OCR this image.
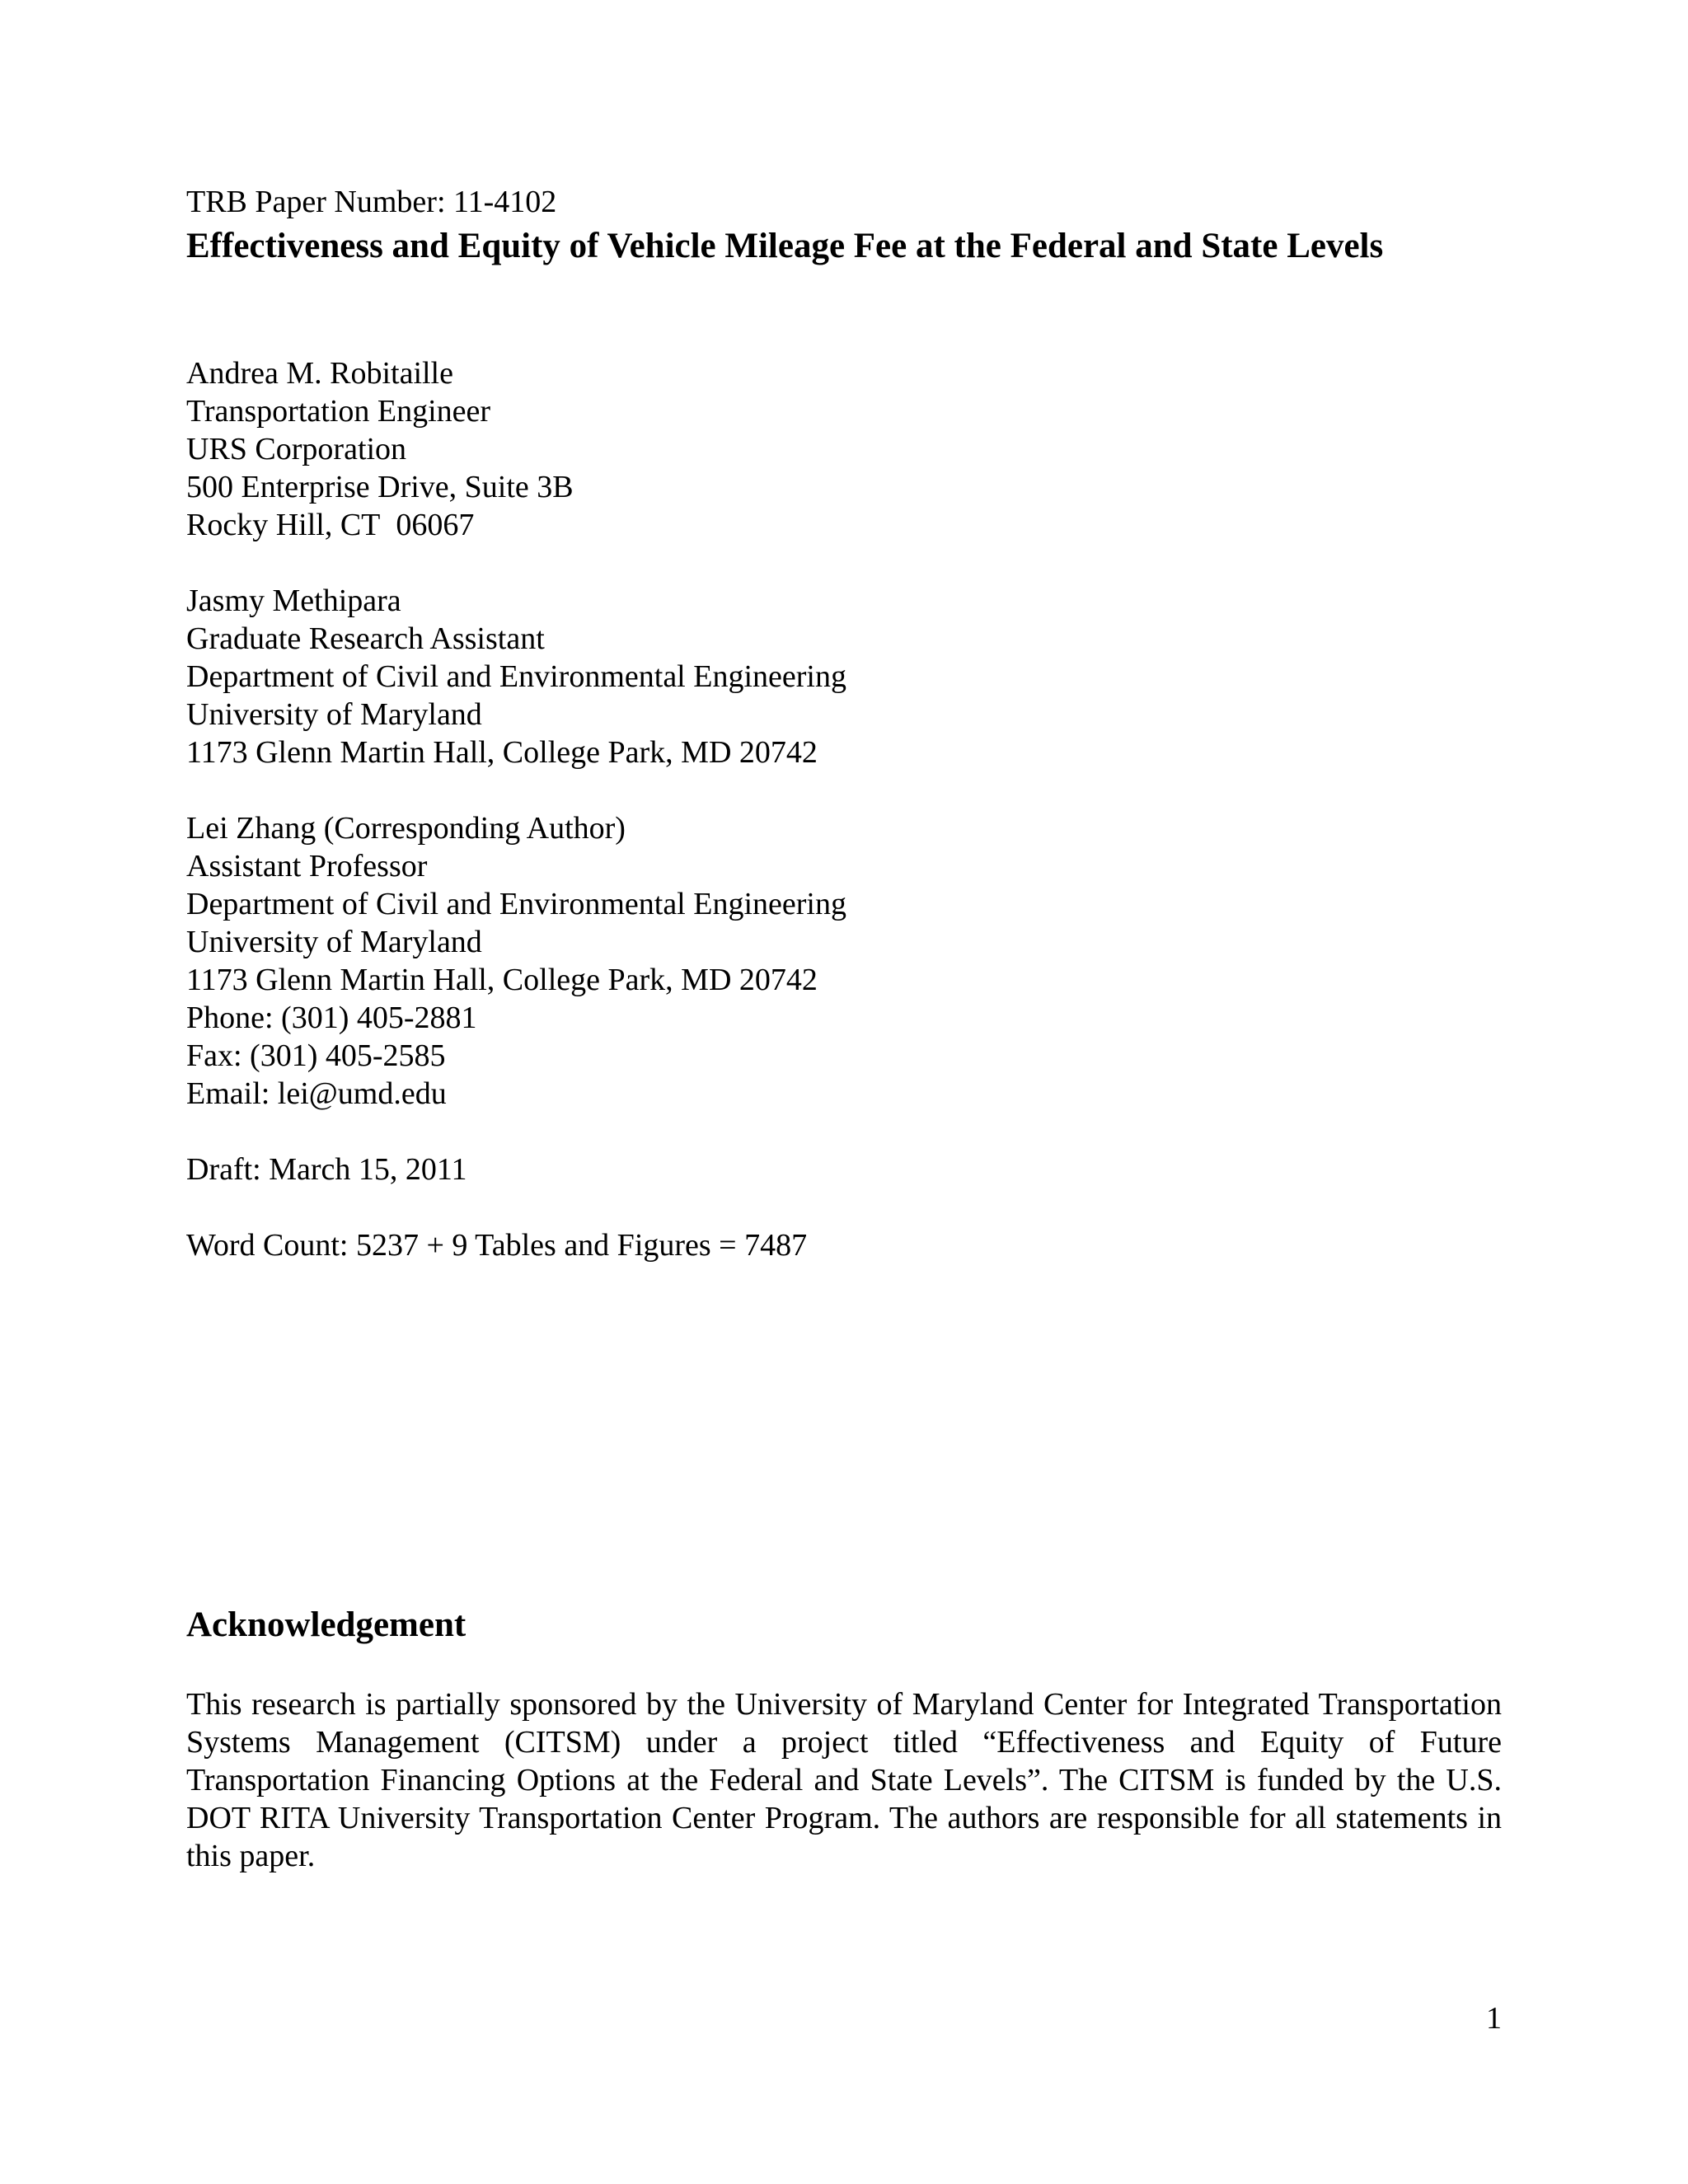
TRB Paper Number: 11-4102
Effectiveness and Equity of Vehicle Mileage Fee at the Federal and State Levels
Andrea M. Robitaille
Transportation Engineer
URS Corporation
500 Enterprise Drive, Suite 3B
Rocky Hill, CT  06067
Jasmy Methipara
Graduate Research Assistant
Department of Civil and Environmental Engineering
University of Maryland
1173 Glenn Martin Hall, College Park, MD 20742
Lei Zhang (Corresponding Author)
Assistant Professor
Department of Civil and Environmental Engineering
University of Maryland
1173 Glenn Martin Hall, College Park, MD 20742
Phone: (301) 405-2881
Fax: (301) 405-2585
Email: lei@umd.edu
Draft: March 15, 2011
Word Count: 5237 + 9 Tables and Figures = 7487
Acknowledgement
This research is partially sponsored by the University of Maryland Center for Integrated Transportation Systems Management (CITSM) under a project titled “Effectiveness and Equity of Future Transportation Financing Options at the Federal and State Levels”. The CITSM is funded by the U.S. DOT RITA University Transportation Center Program. The authors are responsible for all statements in this paper.
1
